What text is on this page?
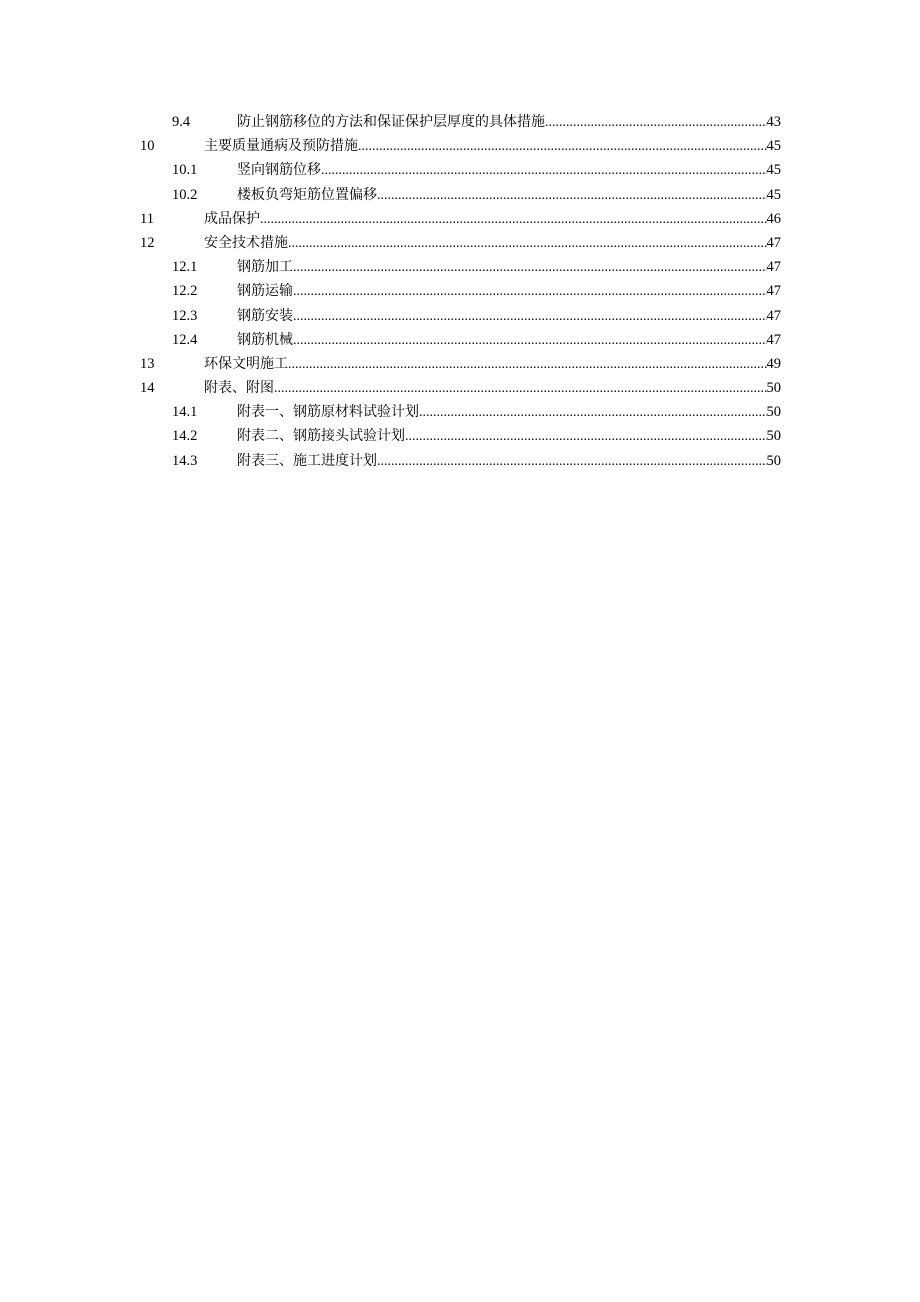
9.4	防止钢筋移位的方法和保证保护层厚度的具体措施 .....	43
10	主要质量通病及预防措施 .....	45
10.1	竖向钢筋位移 .....	45
10.2	楼板负弯矩筋位置偏移 .....	45
11	成品保护 .....	46
12	安全技术措施 .....	47
12.1	钢筋加工 .....	47
12.2	钢筋运输 .....	47
12.3	钢筋安装 .....	47
12.4	钢筋机械 .....	47
13	环保文明施工 .....	49
14	附表、附图 .....	50
14.1	附表一、钢筋原材料试验计划 .....	50
14.2	附表二、钢筋接头试验计划 .....	50
14.3	附表三、施工进度计划 .....	50
